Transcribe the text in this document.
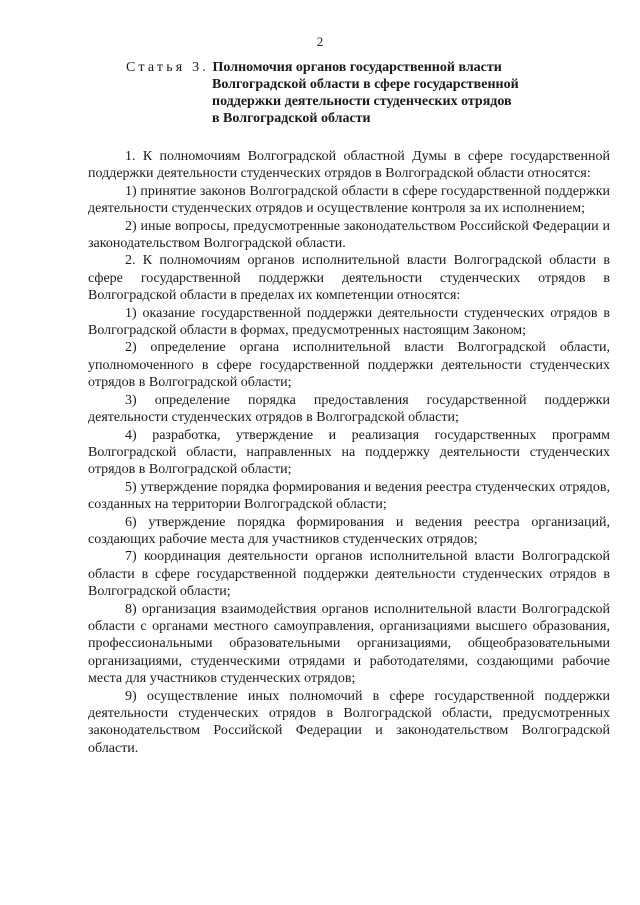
2
Статья 3. Полномочия органов государственной власти
Волгоградской области в сфере государственной
поддержки деятельности студенческих отрядов
в Волгоградской области

1. К полномочиям Волгоградской областной Думы в сфере государственной поддержки деятельности студенческих отрядов в Волгоградской области относятся:

1) принятие законов Волгоградской области в сфере государственной поддержки деятельности студенческих отрядов и осуществление контроля за их исполнением;

2) иные вопросы, предусмотренные законодательством Российской Федерации и законодательством Волгоградской области.

2. К полномочиям органов исполнительной власти Волгоградской области в сфере государственной поддержки деятельности студенческих отрядов в Волгоградской области в пределах их компетенции относятся:

1) оказание государственной поддержки деятельности студенческих отрядов в Волгоградской области в формах, предусмотренных настоящим Законом;

2) определение органа исполнительной власти Волгоградской области, уполномоченного в сфере государственной поддержки деятельности студенческих отрядов в Волгоградской области;

3) определение порядка предоставления государственной поддержки деятельности студенческих отрядов в Волгоградской области;

4) разработка, утверждение и реализация государственных программ Волгоградской области, направленных на поддержку деятельности студенческих отрядов в Волгоградской области;

5) утверждение порядка формирования и ведения реестра студенческих отрядов, созданных на территории Волгоградской области;

6) утверждение порядка формирования и ведения реестра организаций, создающих рабочие места для участников студенческих отрядов;

7) координация деятельности органов исполнительной власти Волгоградской области в сфере государственной поддержки деятельности студенческих отрядов в Волгоградской области;

8) организация взаимодействия органов исполнительной власти Волгоградской области с органами местного самоуправления, организациями высшего образования, профессиональными образовательными организациями, общеобразовательными организациями, студенческими отрядами и работодателями, создающими рабочие места для участников студенческих отрядов;

9) осуществление иных полномочий в сфере государственной поддержки деятельности студенческих отрядов в Волгоградской области, предусмотренных законодательством Российской Федерации и законодательством Волгоградской области.
